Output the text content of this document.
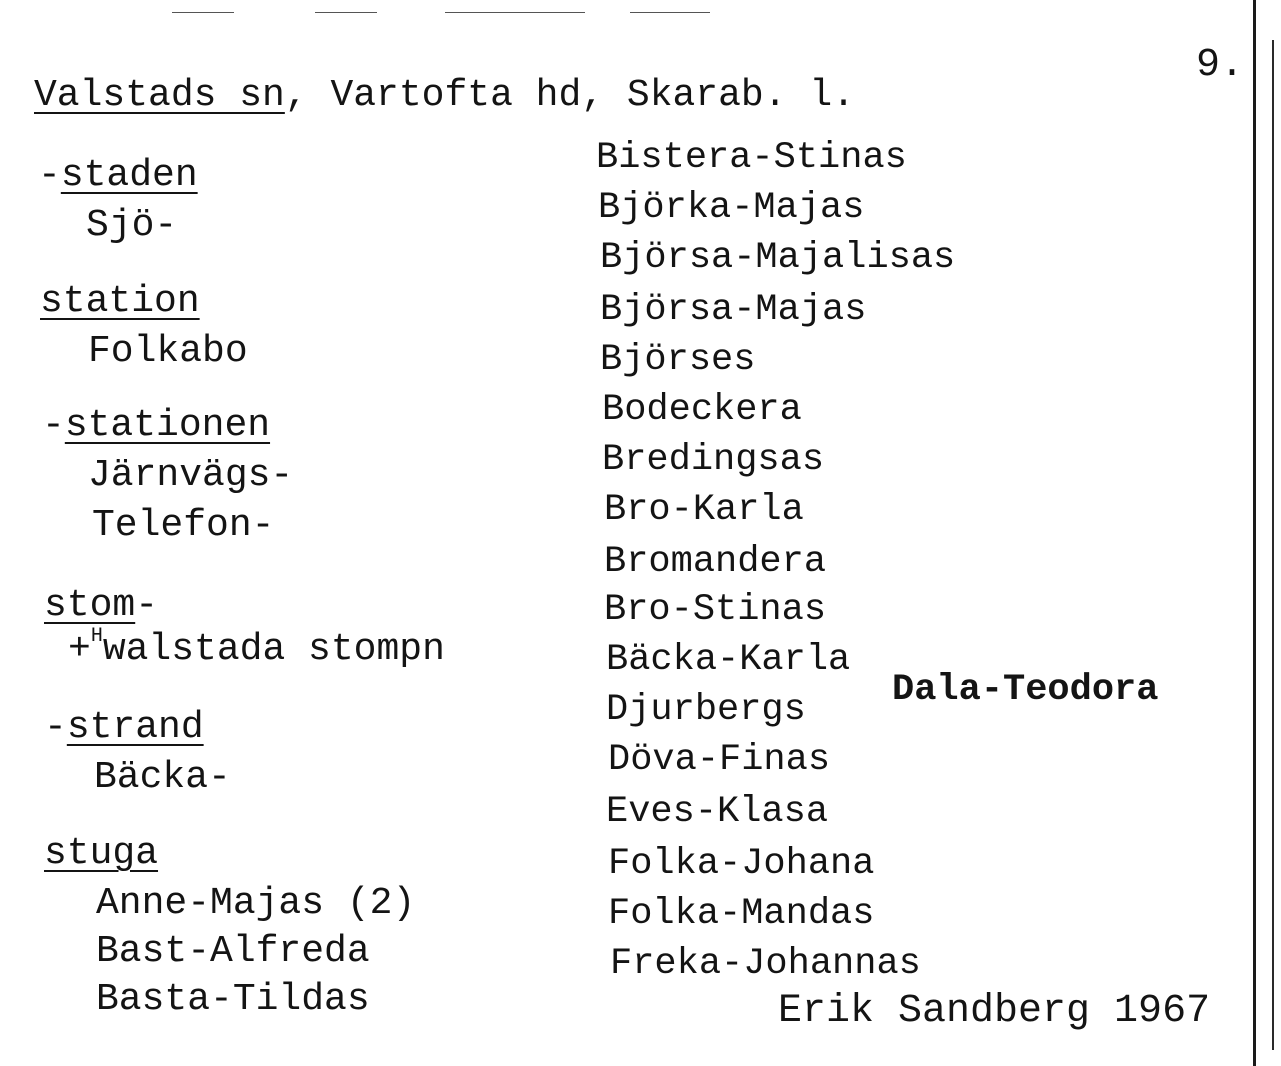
9.
Valstads sn, Vartofta hd, Skarab. l.
-staden
Sjö-
station
Folkabo
-stationen
Järnvägs-
Telefon-
stom-
+$^H$walstada stompn
-strand
Bäcka-
stuga
Anne-Majas (2)
Bast-Alfreda
Basta-Tildas
Bistera-Stinas
Björka-Majas
Björsa-Majalisas
Björsa-Majas
Björses
Bodeckera
Bredingsas
Bro-Karla
Bromandera
Bro-Stinas
Bäcka-Karla
Djurbergs
Döva-Finas
Eves-Klasa
Folka-Johana
Folka-Mandas
Freka-Johannas
Dala-Teodora
Erik Sandberg 1967
